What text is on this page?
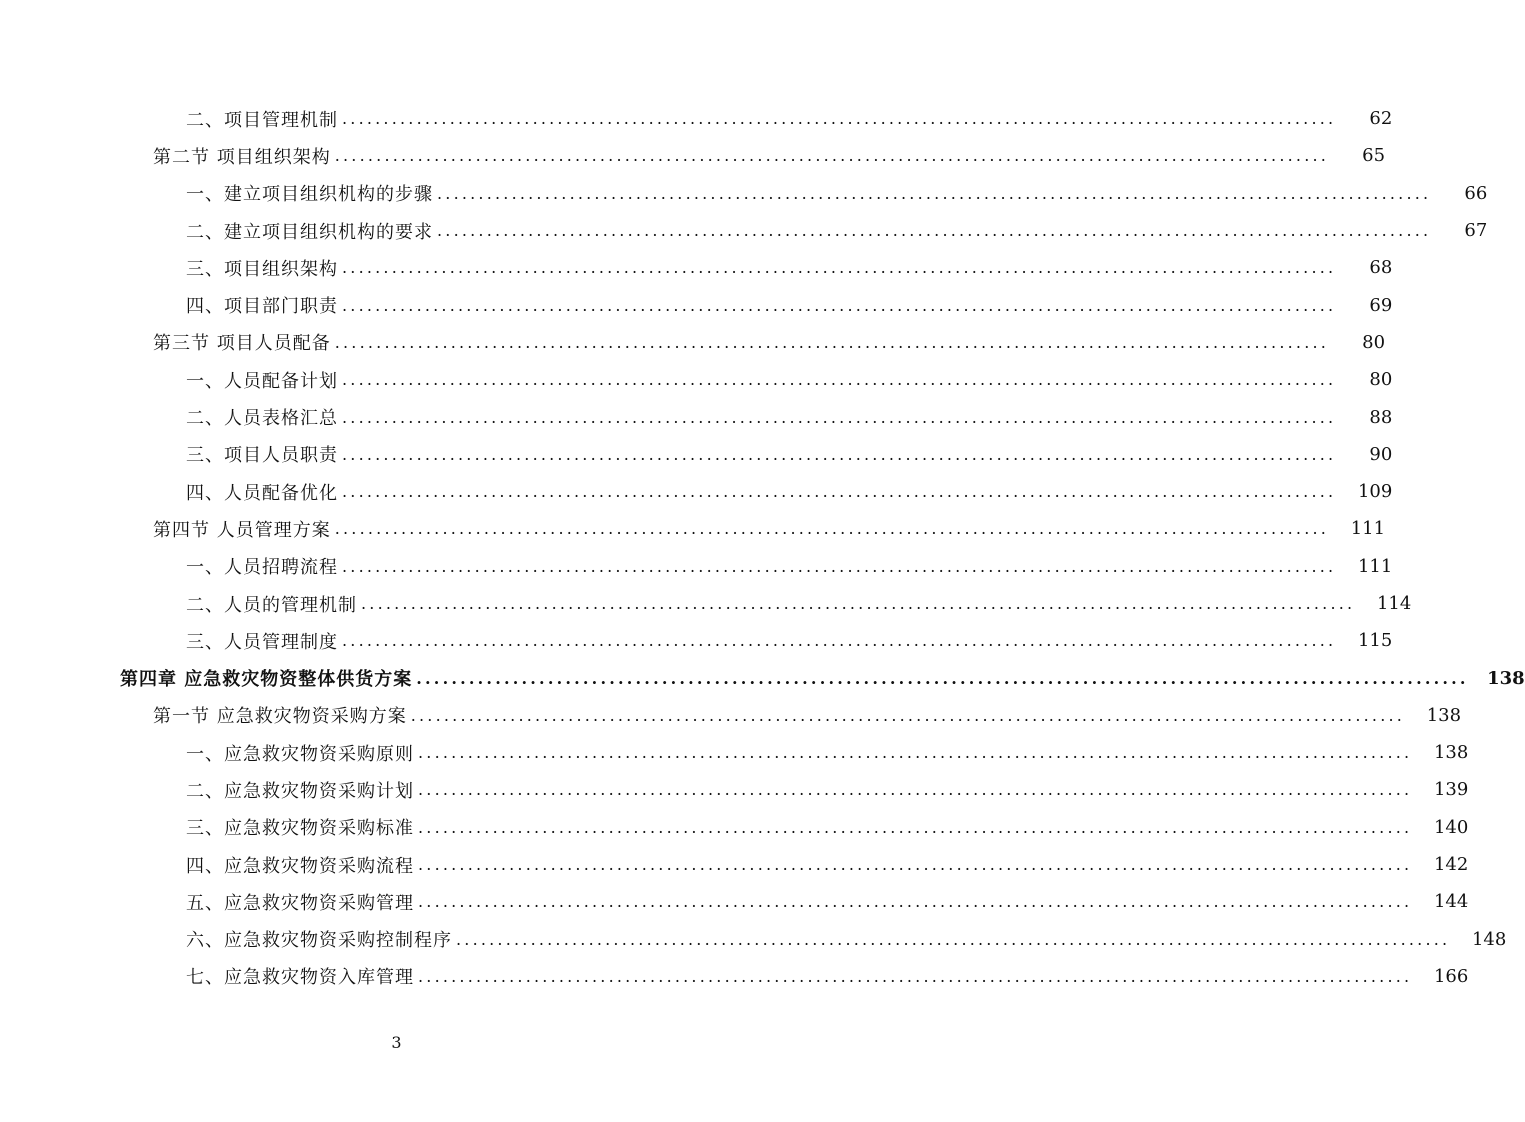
二、项目管理机制 ........................................................................................................................	62
第二节 项目组织架构 ........................................................................................................................	65
一、建立项目组织机构的步骤 ........................................................................................................................	66
二、建立项目组织机构的要求 ........................................................................................................................	67
三、项目组织架构 ........................................................................................................................	68
四、项目部门职责 ........................................................................................................................	69
第三节 项目人员配备 ........................................................................................................................	80
一、人员配备计划 ........................................................................................................................	80
二、人员表格汇总 ........................................................................................................................	88
三、项目人员职责 ........................................................................................................................	90
四、人员配备优化 ........................................................................................................................	109
第四节 人员管理方案 ........................................................................................................................	111
一、人员招聘流程 ........................................................................................................................	111
二、人员的管理机制 ........................................................................................................................	114
三、人员管理制度 ........................................................................................................................	115
第四章 应急救灾物资整体供货方案 ........................................................................................................................	138
第一节 应急救灾物资采购方案 ........................................................................................................................	138
一、应急救灾物资采购原则 ........................................................................................................................	138
二、应急救灾物资采购计划 ........................................................................................................................	139
三、应急救灾物资采购标准 ........................................................................................................................	140
四、应急救灾物资采购流程 ........................................................................................................................	142
五、应急救灾物资采购管理 ........................................................................................................................	144
六、应急救灾物资采购控制程序 ........................................................................................................................	148
七、应急救灾物资入库管理 ........................................................................................................................	166
3
